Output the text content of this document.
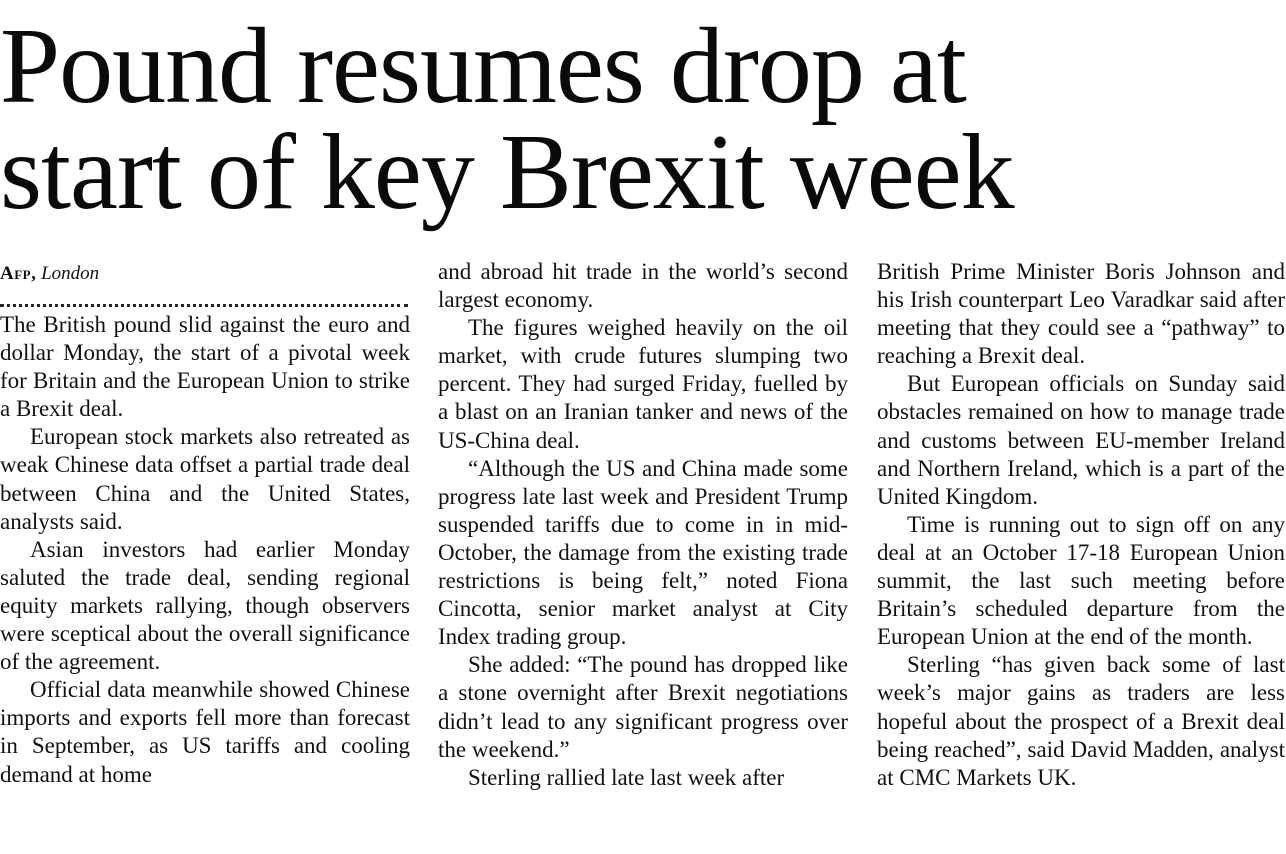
Pound resumes drop at
start of key Brexit week
Afp, London

The British pound slid against the euro and dollar Monday, the start of a pivotal week for Britain and the European Union to strike a Brexit deal.

European stock markets also retreated as weak Chinese data offset a partial trade deal between China and the United States, analysts said.

Asian investors had earlier Monday saluted the trade deal, sending regional equity markets rallying, though observers were sceptical about the overall significance of the agreement.

Official data meanwhile showed Chinese imports and exports fell more than forecast in September, as US tariffs and cooling demand at home

and abroad hit trade in the world’s second largest economy.

The figures weighed heavily on the oil market, with crude futures slumping two percent. They had surged Friday, fuelled by a blast on an Iranian tanker and news of the US-China deal.

“Although the US and China made some progress late last week and President Trump suspended tariffs due to come in in mid-October, the damage from the existing trade restrictions is being felt,” noted Fiona Cincotta, senior market analyst at City Index trading group.

She added: “The pound has dropped like a stone overnight after Brexit negotiations didn’t lead to any significant progress over the weekend.”

Sterling rallied late last week after

British Prime Minister Boris Johnson and his Irish counterpart Leo Varadkar said after meeting that they could see a “pathway” to reaching a Brexit deal.

But European officials on Sunday said obstacles remained on how to manage trade and customs between EU-member Ireland and Northern Ireland, which is a part of the United Kingdom.

Time is running out to sign off on any deal at an October 17-18 European Union summit, the last such meeting before Britain’s scheduled departure from the European Union at the end of the month.

Sterling “has given back some of last week’s major gains as traders are less hopeful about the prospect of a Brexit deal being reached”, said David Madden, analyst at CMC Markets UK.
